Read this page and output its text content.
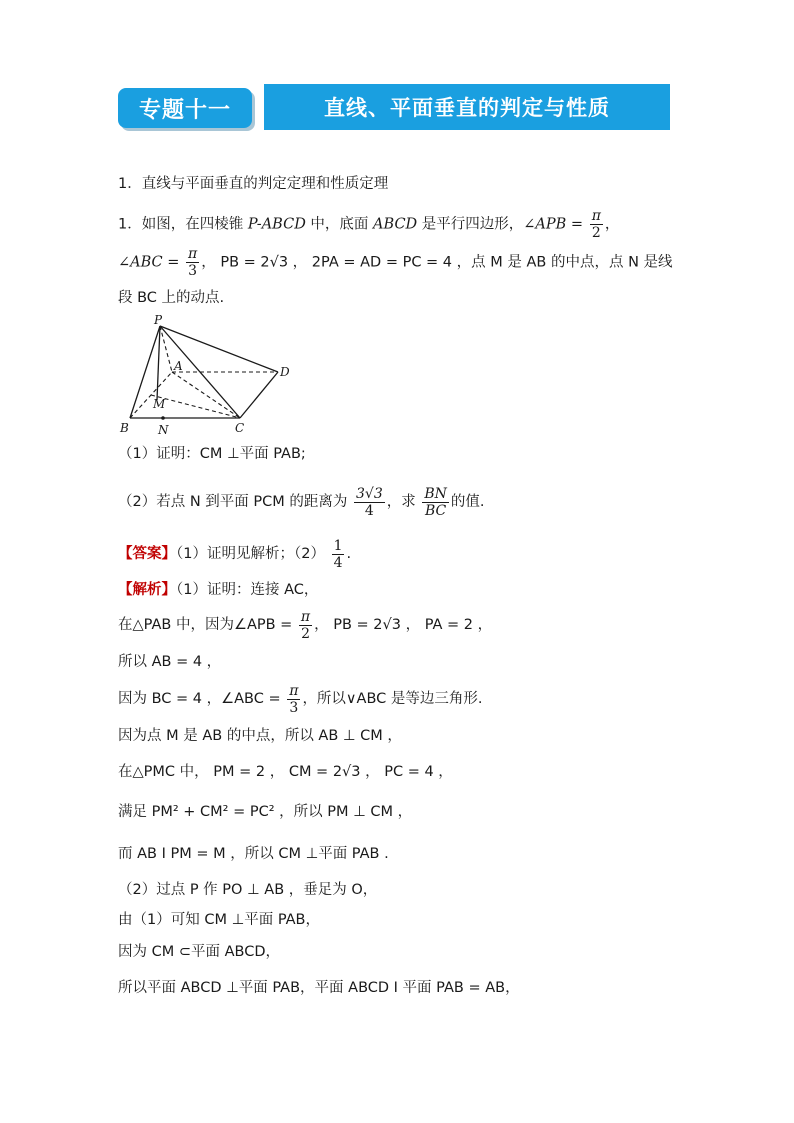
专题十一	直线、平面垂直的判定与性质
1．直线与平面垂直的判定定理和性质定理
1．如图，在四棱锥 P-ABCD 中，底面 ABCD 是平行四边形，∠APB = $\frac{\pi}{2}$ ，
∠ABC = $\frac{\pi}{3}$ ， PB = 2√3 ， 2PA = AD = PC = 4 ，点 M 是 AB 的中点，点 N 是线
段 BC 上的动点.
P
A	D
M
B N	C
（1）证明：CM ⊥平面 PAB;
（2）若点 N 到平面 PCM 的距离为 $\frac{3√3}{4}$ ，求 $\frac{BN}{BC}$ 的值.
【答案】（1）证明见解析；$(2) \frac{1}{4}$ .
【解析】（1）证明：连接 AC，
在△PAB 中，因为∠APB = $\frac{\pi}{2}$ ， PB = 2√3 ， PA = 2 ，
所以 AB = 4 ，
因为 BC = 4 ，∠ABC = $\frac{\pi}{3}$ ，所以∨ABC 是等边三角形.
因为点 M 是 AB 的中点，所以 AB ⊥ CM ，
在△PMC 中， PM = 2 ， CM = 2√3 ， PC = 4 ，
满足 PM² + CM² = PC² ，所以 PM ⊥ CM ，
而 AB I PM = M ，所以 CM ⊥平面 PAB .
（2）过点 P 作 PO ⊥ AB ，垂足为 O，
由（1）可知 CM ⊥平面 PAB，
因为 CM ⊂平面 ABCD，
所以平面 ABCD ⊥平面 PAB，平面 ABCD I 平面 PAB = AB，
